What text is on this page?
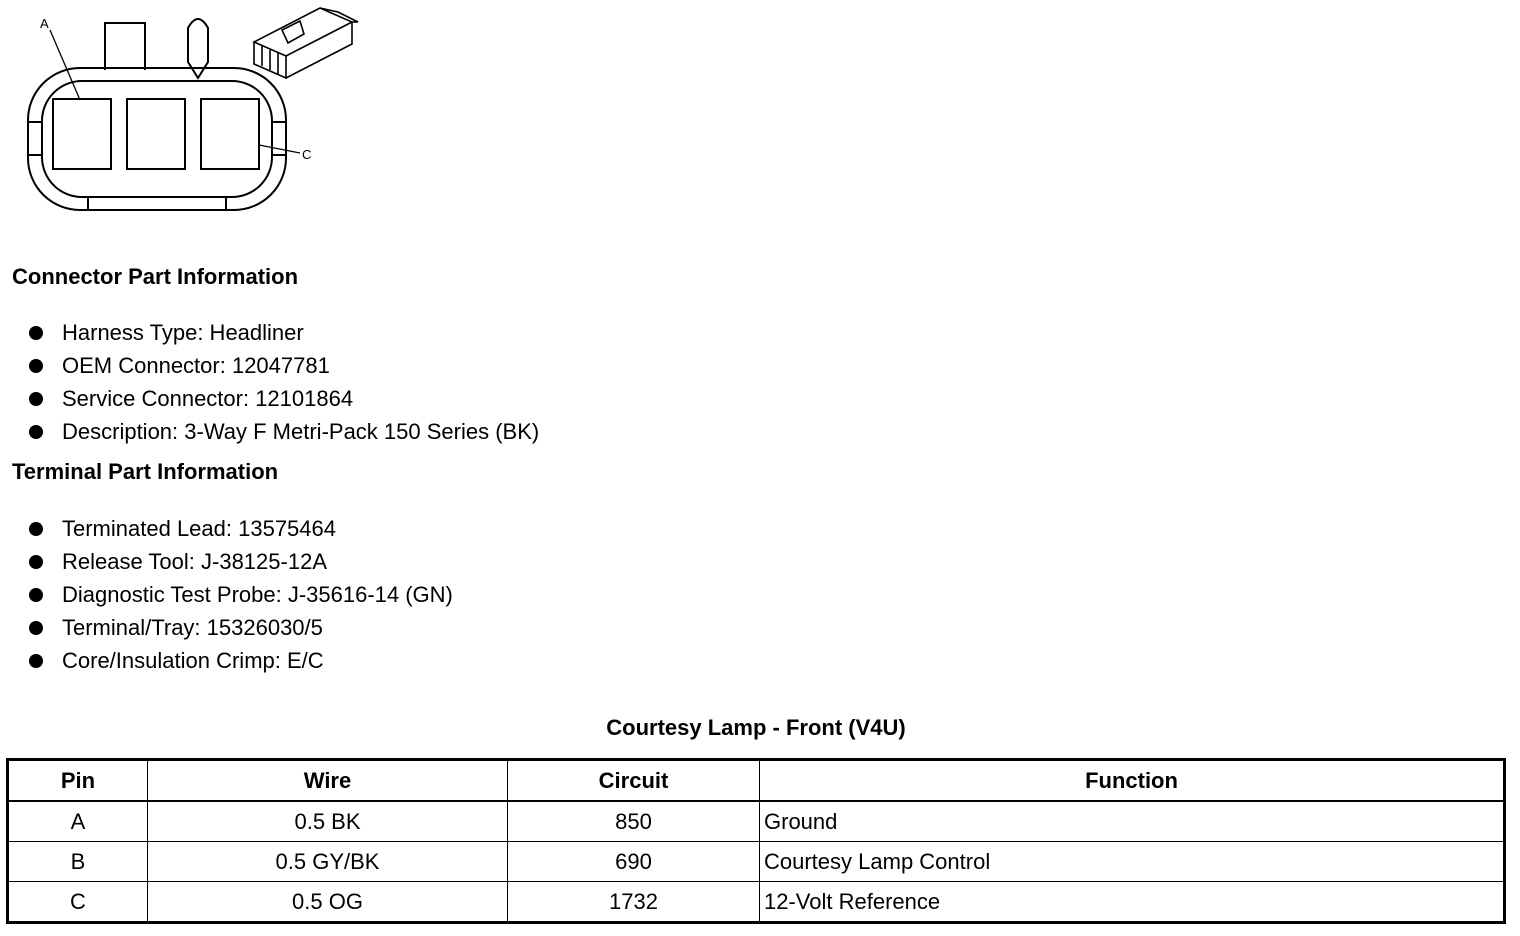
A
C
Connector Part Information
Harness Type: Headliner
OEM Connector: 12047781
Service Connector: 12101864
Description: 3-Way F Metri-Pack 150 Series (BK)
Terminal Part Information
Terminated Lead: 13575464
Release Tool: J-38125-12A
Diagnostic Test Probe: J-35616-14 (GN)
Terminal/Tray: 15326030/5
Core/Insulation Crimp: E/C
Courtesy Lamp - Front (V4U)
Pin	Wire	Circuit	Function
A	0.5 BK	850	Ground
B	0.5 GY/BK	690	Courtesy Lamp Control
C	0.5 OG	1732	12-Volt Reference
